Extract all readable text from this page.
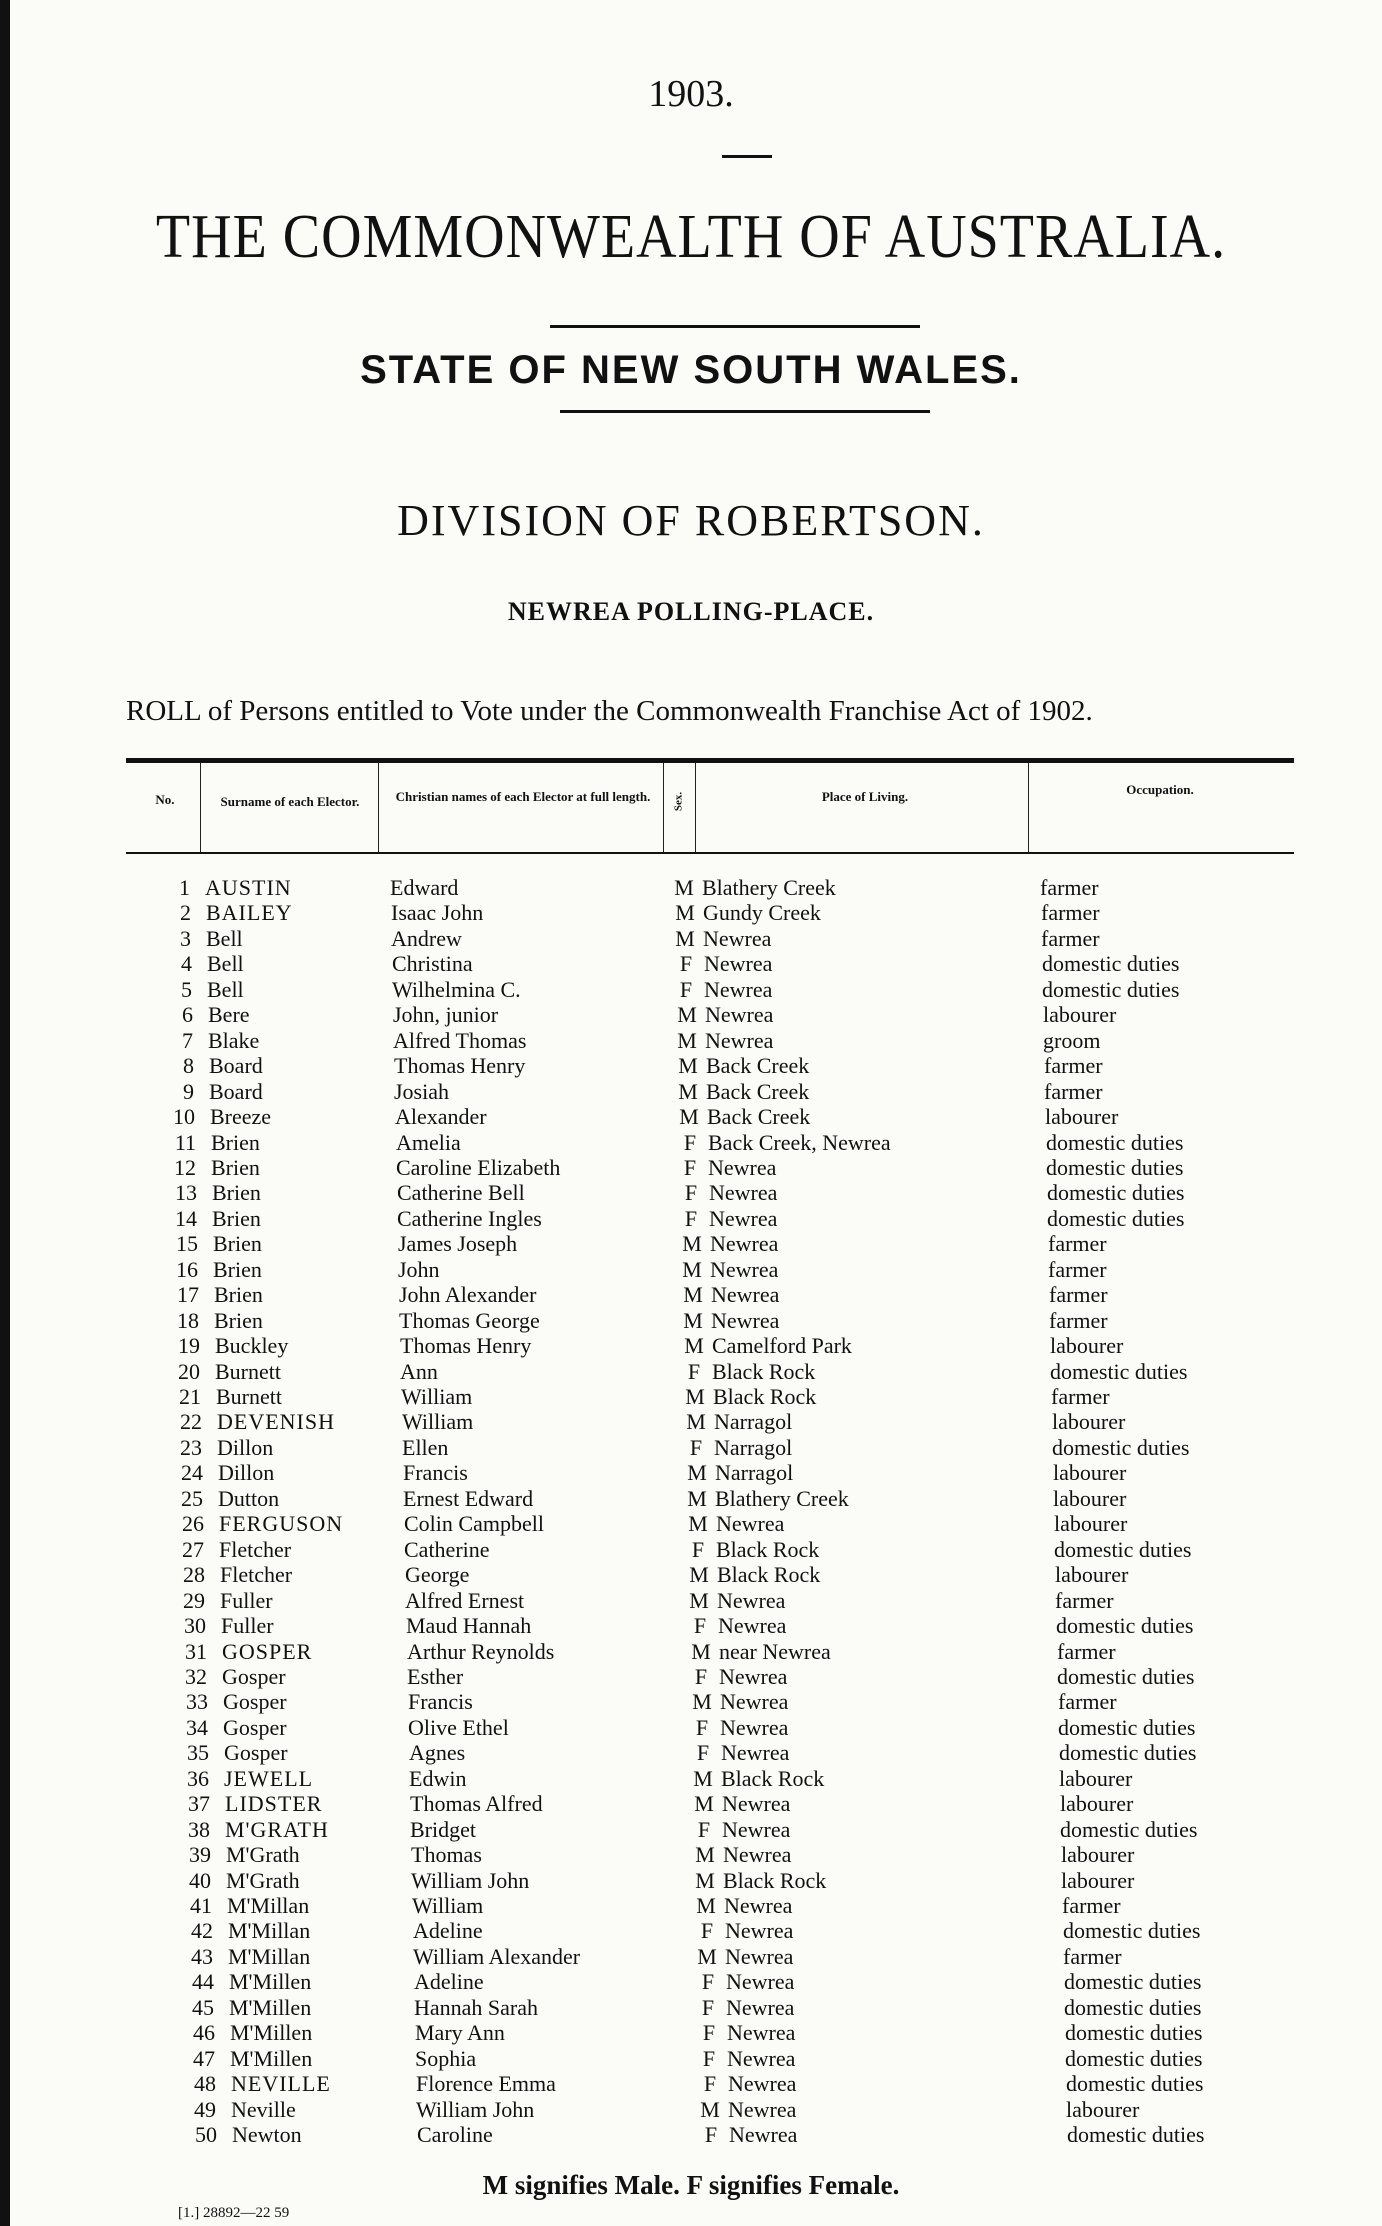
1903.
THE COMMONWEALTH OF AUSTRALIA.
STATE OF NEW SOUTH WALES.
DIVISION OF ROBERTSON.
NEWREA POLLING-PLACE.
ROLL of Persons entitled to Vote under the Commonwealth Franchise Act of 1902.
No.	Surname of each Elector.	Christian names of each Elector at full length.	Sex.	Place of Living.	Occupation.
1 AUSTIN	Edward	M Blathery Creek	farmer
2 BAILEY	Isaac John	M Gundy Creek	farmer
3 Bell	Andrew	M Newrea	farmer
4 Bell	Christina	F Newrea	domestic duties
5 Bell	Wilhelmina C.	F Newrea	domestic duties
6 Bere	John, junior	M Newrea	labourer
7 Blake	Alfred Thomas	M Newrea	groom
8 Board	Thomas Henry	M Back Creek	farmer
9 Board	Josiah	M Back Creek	farmer
10 Breeze	Alexander	M Back Creek	labourer
11 Brien	Amelia	F Back Creek, Newrea	domestic duties
12 Brien	Caroline Elizabeth	F Newrea	domestic duties
13 Brien	Catherine Bell	F Newrea	domestic duties
14 Brien	Catherine Ingles	F Newrea	domestic duties
15 Brien	James Joseph	M Newrea	farmer
16 Brien	John	M Newrea	farmer
17 Brien	John Alexander	M Newrea	farmer
18 Brien	Thomas George	M Newrea	farmer
19 Buckley	Thomas Henry	M Camelford Park	labourer
20 Burnett	Ann	F Black Rock	domestic duties
21 Burnett	William	M Black Rock	farmer
22 DEVENISH	William	M Narragol	labourer
23 Dillon	Ellen	F Narragol	domestic duties
24 Dillon	Francis	M Narragol	labourer
25 Dutton	Ernest Edward	M Blathery Creek	labourer
26 FERGUSON	Colin Campbell	M Newrea	labourer
27 Fletcher	Catherine	F Black Rock	domestic duties
28 Fletcher	George	M Black Rock	labourer
29 Fuller	Alfred Ernest	M Newrea	farmer
30 Fuller	Maud Hannah	F Newrea	domestic duties
31 GOSPER	Arthur Reynolds	M near Newrea	farmer
32 Gosper	Esther	F Newrea	domestic duties
33 Gosper	Francis	M Newrea	farmer
34 Gosper	Olive Ethel	F Newrea	domestic duties
35 Gosper	Agnes	F Newrea	domestic duties
36 JEWELL	Edwin	M Black Rock	labourer
37 LIDSTER	Thomas Alfred	M Newrea	labourer
38 M'GRATH	Bridget	F Newrea	domestic duties
39 M'Grath	Thomas	M Newrea	labourer
40 M'Grath	William John	M Black Rock	labourer
41 M'Millan	William	M Newrea	farmer
42 M'Millan	Adeline	F Newrea	domestic duties
43 M'Millan	William Alexander	M Newrea	farmer
44 M'Millen	Adeline	F Newrea	domestic duties
45 M'Millen	Hannah Sarah	F Newrea	domestic duties
46 M'Millen	Mary Ann	F Newrea	domestic duties
47 M'Millen	Sophia	F Newrea	domestic duties
48 NEVILLE	Florence Emma	F Newrea	domestic duties
49 Neville	William John	M Newrea	labourer
50 Newton	Caroline	F Newrea	domestic duties
M signifies Male. F signifies Female.
[1.] 28892—22 59
